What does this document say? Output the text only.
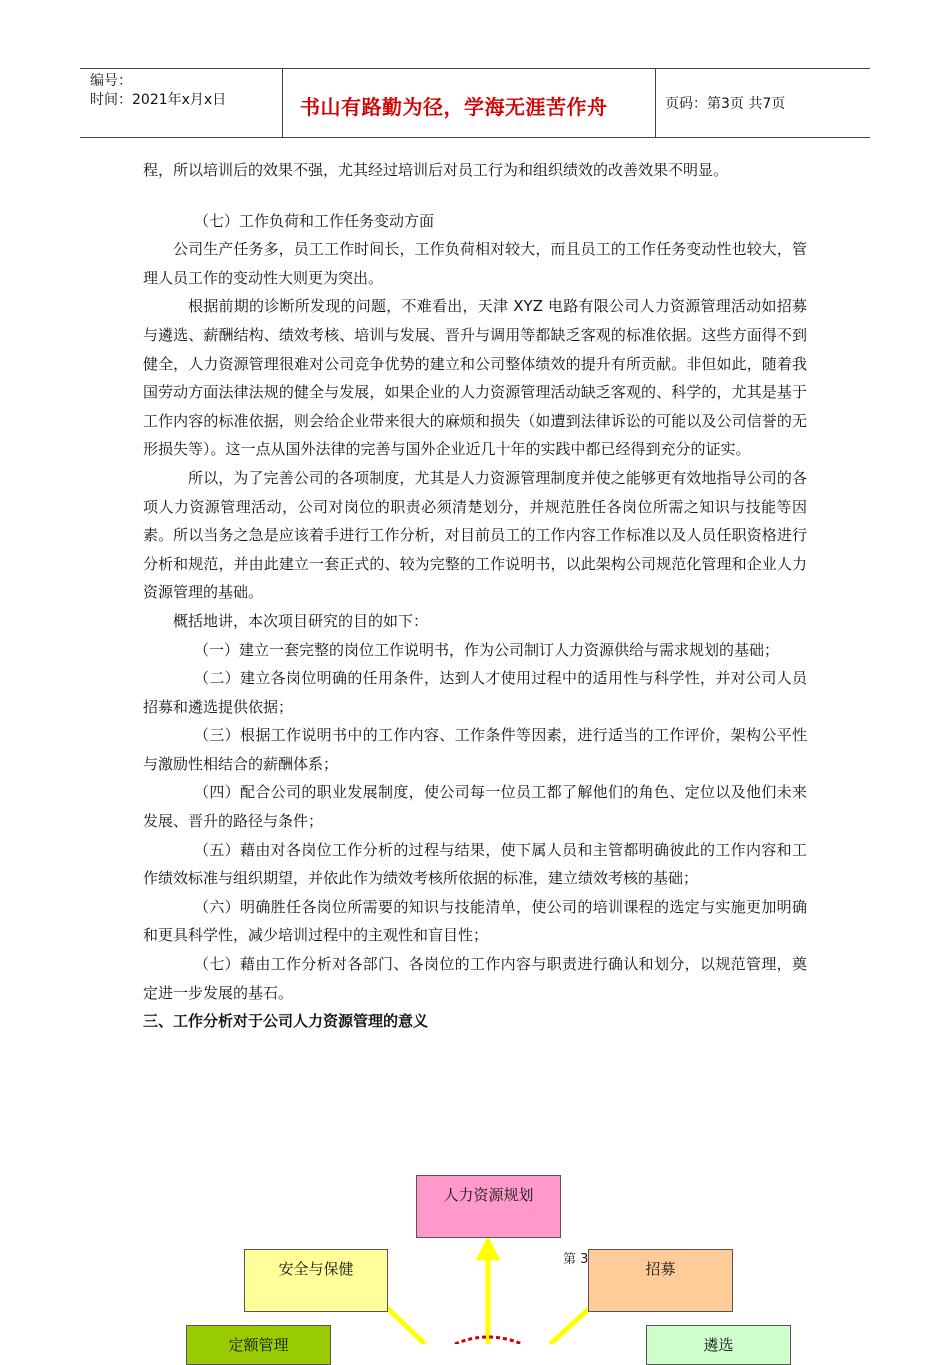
编号：
时间：2021年x月x日	书山有路勤为径，学海无涯苦作舟	页码：第3页 共7页

程，所以培训后的效果不强，尤其经过培训后对员工行为和组织绩效的改善效果不明显。

（七）工作负荷和工作任务变动方面

公司生产任务多，员工工作时间长，工作负荷相对较大，而且员工的工作任务变动性也较大，管理人员工作的变动性大则更为突出。

根据前期的诊断所发现的问题，不难看出，天津 XYZ 电路有限公司人力资源管理活动如招募与遴选、薪酬结构、绩效考核、培训与发展、晋升与调用等都缺乏客观的标准依据。这些方面得不到健全，人力资源管理很难对公司竞争优势的建立和公司整体绩效的提升有所贡献。非但如此，随着我国劳动方面法律法规的健全与发展，如果企业的人力资源管理活动缺乏客观的、科学的，尤其是基于工作内容的标准依据，则会给企业带来很大的麻烦和损失（如遭到法律诉讼的可能以及公司信誉的无形损失等）。这一点从国外法律的完善与国外企业近几十年的实践中都已经得到充分的证实。

所以，为了完善公司的各项制度，尤其是人力资源管理制度并使之能够更有效地指导公司的各项人力资源管理活动，公司对岗位的职责必须清楚划分，并规范胜任各岗位所需之知识与技能等因素。所以当务之急是应该着手进行工作分析，对目前员工的工作内容工作标准以及人员任职资格进行分析和规范，并由此建立一套正式的、较为完整的工作说明书，以此架构公司规范化管理和企业人力资源管理的基础。

概括地讲，本次项目研究的目的如下：

（一）建立一套完整的岗位工作说明书，作为公司制订人力资源供给与需求规划的基础；

（二）建立各岗位明确的任用条件，达到人才使用过程中的适用性与科学性，并对公司人员招募和遴选提供依据；

（三）根据工作说明书中的工作内容、工作条件等因素，进行适当的工作评价，架构公平性与激励性相结合的薪酬体系；

（四）配合公司的职业发展制度，使公司每一位员工都了解他们的角色、定位以及他们未来发展、晋升的路径与条件；

（五）藉由对各岗位工作分析的过程与结果，使下属人员和主管都明确彼此的工作内容和工作绩效标准与组织期望，并依此作为绩效考核所依据的标准，建立绩效考核的基础；

（六）明确胜任各岗位所需要的知识与技能清单，使公司的培训课程的选定与实施更加明确和更具科学性，减少培训过程中的主观性和盲目性；

（七）藉由工作分析对各部门、各岗位的工作内容与职责进行确认和划分，以规范管理，奠定进一步发展的基石。

三、工作分析对于公司人力资源管理的意义

人力资源规划
安全与保健	招募
定额管理	遴选
第 3
